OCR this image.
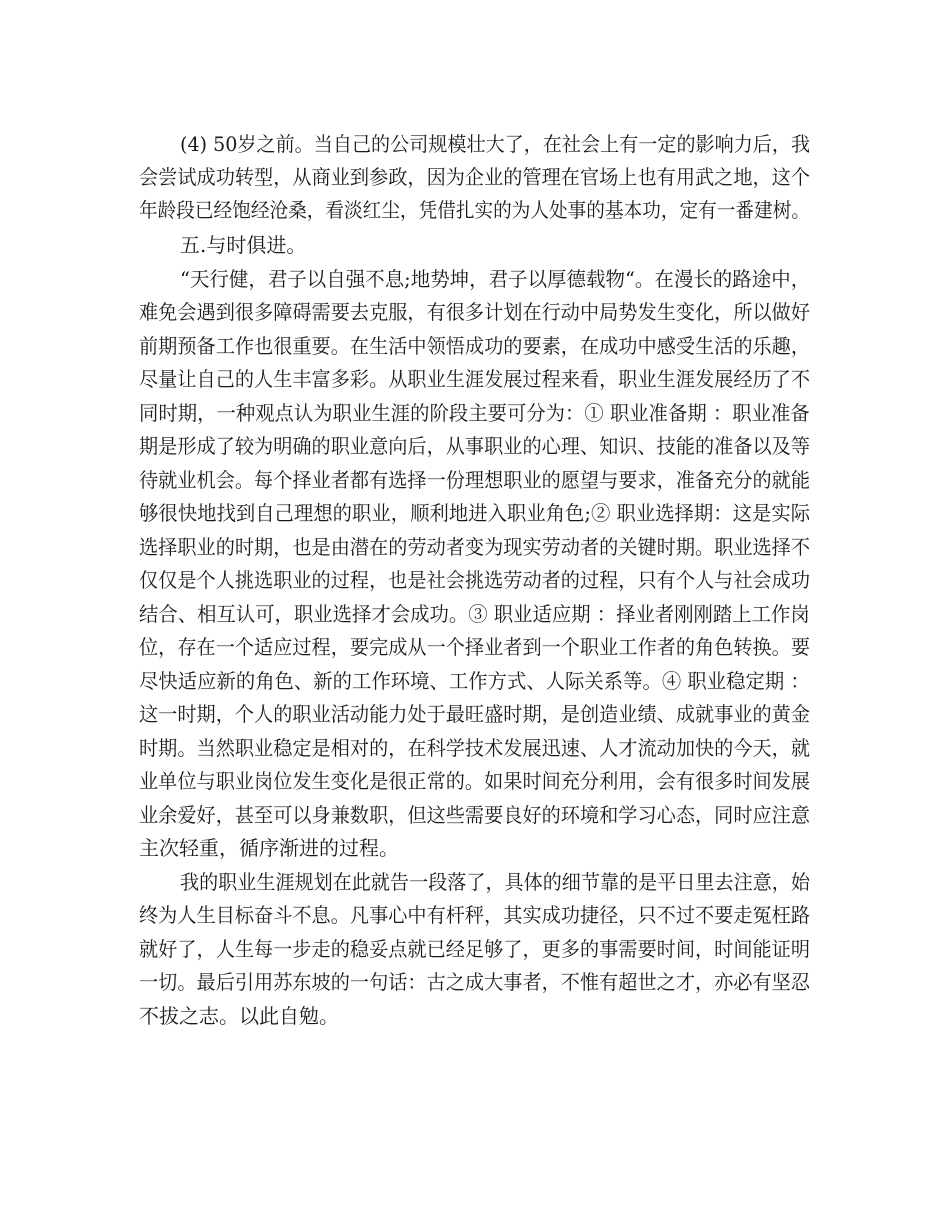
(4) 50岁之前。当自己的公司规模壮大了，在社会上有一定的影响力后，我
会尝试成功转型，从商业到参政，因为企业的管理在官场上也有用武之地，这个
年龄段已经饱经沧桑，看淡红尘，凭借扎实的为人处事的基本功，定有一番建树。
五.与时俱进。
“天行健，君子以自强不息;地势坤，君子以厚德载物“。在漫长的路途中，
难免会遇到很多障碍需要去克服，有很多计划在行动中局势发生变化，所以做好
前期预备工作也很重要。在生活中领悟成功的要素，在成功中感受生活的乐趣，
尽量让自己的人生丰富多彩。从职业生涯发展过程来看，职业生涯发展经历了不
同时期，一种观点认为职业生涯的阶段主要可分为：① 职业准备期 ：职业准备
期是形成了较为明确的职业意向后，从事职业的心理、知识、技能的准备以及等
待就业机会。每个择业者都有选择一份理想职业的愿望与要求，准备充分的就能
够很快地找到自己理想的职业，顺利地进入职业角色;② 职业选择期：这是实际
选择职业的时期，也是由潜在的劳动者变为现实劳动者的关键时期。职业选择不
仅仅是个人挑选职业的过程，也是社会挑选劳动者的过程，只有个人与社会成功
结合、相互认可，职业选择才会成功。③ 职业适应期 ：择业者刚刚踏上工作岗
位，存在一个适应过程，要完成从一个择业者到一个职业工作者的角色转换。要
尽快适应新的角色、新的工作环境、工作方式、人际关系等。④ 职业稳定期 ：
这一时期，个人的职业活动能力处于最旺盛时期，是创造业绩、成就事业的黄金
时期。当然职业稳定是相对的，在科学技术发展迅速、人才流动加快的今天，就
业单位与职业岗位发生变化是很正常的。如果时间充分利用，会有很多时间发展
业余爱好，甚至可以身兼数职，但这些需要良好的环境和学习心态，同时应注意
主次轻重，循序渐进的过程。
我的职业生涯规划在此就告一段落了，具体的细节靠的是平日里去注意，始
终为人生目标奋斗不息。凡事心中有杆秤，其实成功捷径，只不过不要走冤枉路
就好了，人生每一步走的稳妥点就已经足够了，更多的事需要时间，时间能证明
一切。最后引用苏东坡的一句话：古之成大事者，不惟有超世之才，亦必有坚忍
不拔之志。以此自勉。
